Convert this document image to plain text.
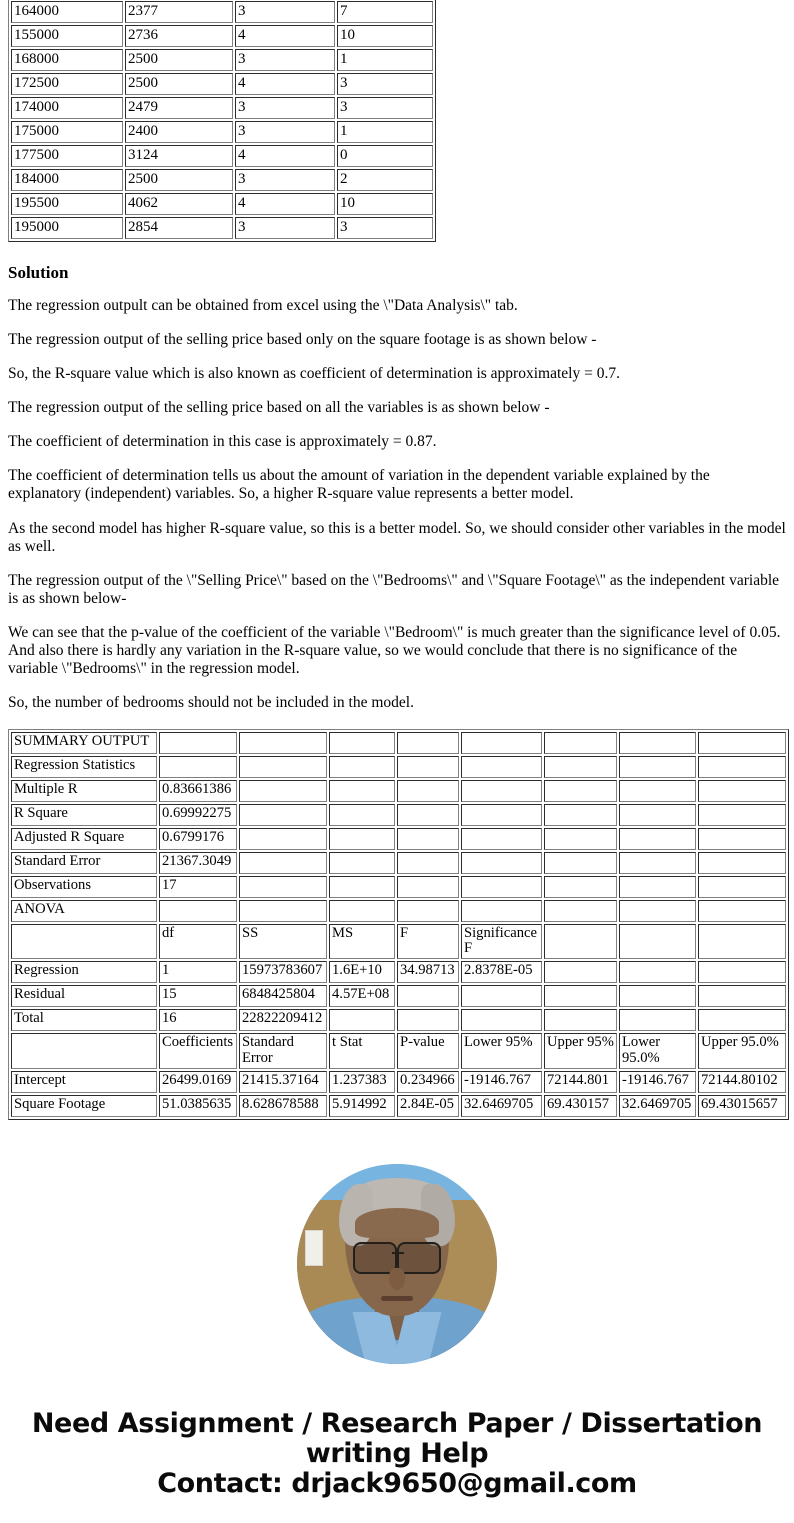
164000	2377	3	7
155000	2736	4	10
168000	2500	3	1
172500	2500	4	3
174000	2479	3	3
175000	2400	3	1
177500	3124	4	0
184000	2500	3	2
195500	4062	4	10
195000	2854	3	3
Solution

The regression outpult can be obtained from excel using the \"Data Analysis\" tab.

The regression output of the selling price based only on the square footage is as shown below -

So, the R-square value which is also known as coefficient of determination is approximately = 0.7.

The regression output of the selling price based on all the variables is as shown below -

The coefficient of determination in this case is approximately = 0.87.

The coefficient of determination tells us about the amount of variation in the dependent variable explained by the explanatory (independent) variables. So, a higher R-square value represents a better model.

As the second model has higher R-square value, so this is a better model. So, we should consider other variables in the model as well.

The regression output of the \"Selling Price\" based on the \"Bedrooms\" and \"Square Footage\" as the independent variable is as shown below-

We can see that the p-value of the coefficient of the variable \"Bedroom\" is much greater than the significance level of 0.05. And also there is hardly any variation in the R-square value, so we would conclude that there is no significance of the variable \"Bedrooms\" in the regression model.

So, the number of bedrooms should not be included in the model.

SUMMARY OUTPUT								
Regression Statistics								
Multiple R	0.83661386							
R Square	0.69992275							
Adjusted R Square	0.6799176							
Standard Error	21367.3049							
Observations	17							
ANOVA								
	df	SS	MS	F	Significance F			
Regression	1	15973783607	1.6E+10	34.98713	2.8378E-05			
Residual	15	6848425804	4.57E+08					
Total	16	22822209412						
	Coefficients	Standard Error	t Stat	P-value	Lower 95%	Upper 95%	Lower 95.0%	Upper 95.0%
Intercept	26499.0169	21415.37164	1.237383	0.234966	-19146.767	72144.801	-19146.767	72144.80102
Square Footage	51.0385635	8.628678588	5.914992	2.84E-05	32.6469705	69.430157	32.6469705	69.43015657
Need Assignment / Research Paper / Dissertation
writing Help
Contact: drjack9650@gmail.com
